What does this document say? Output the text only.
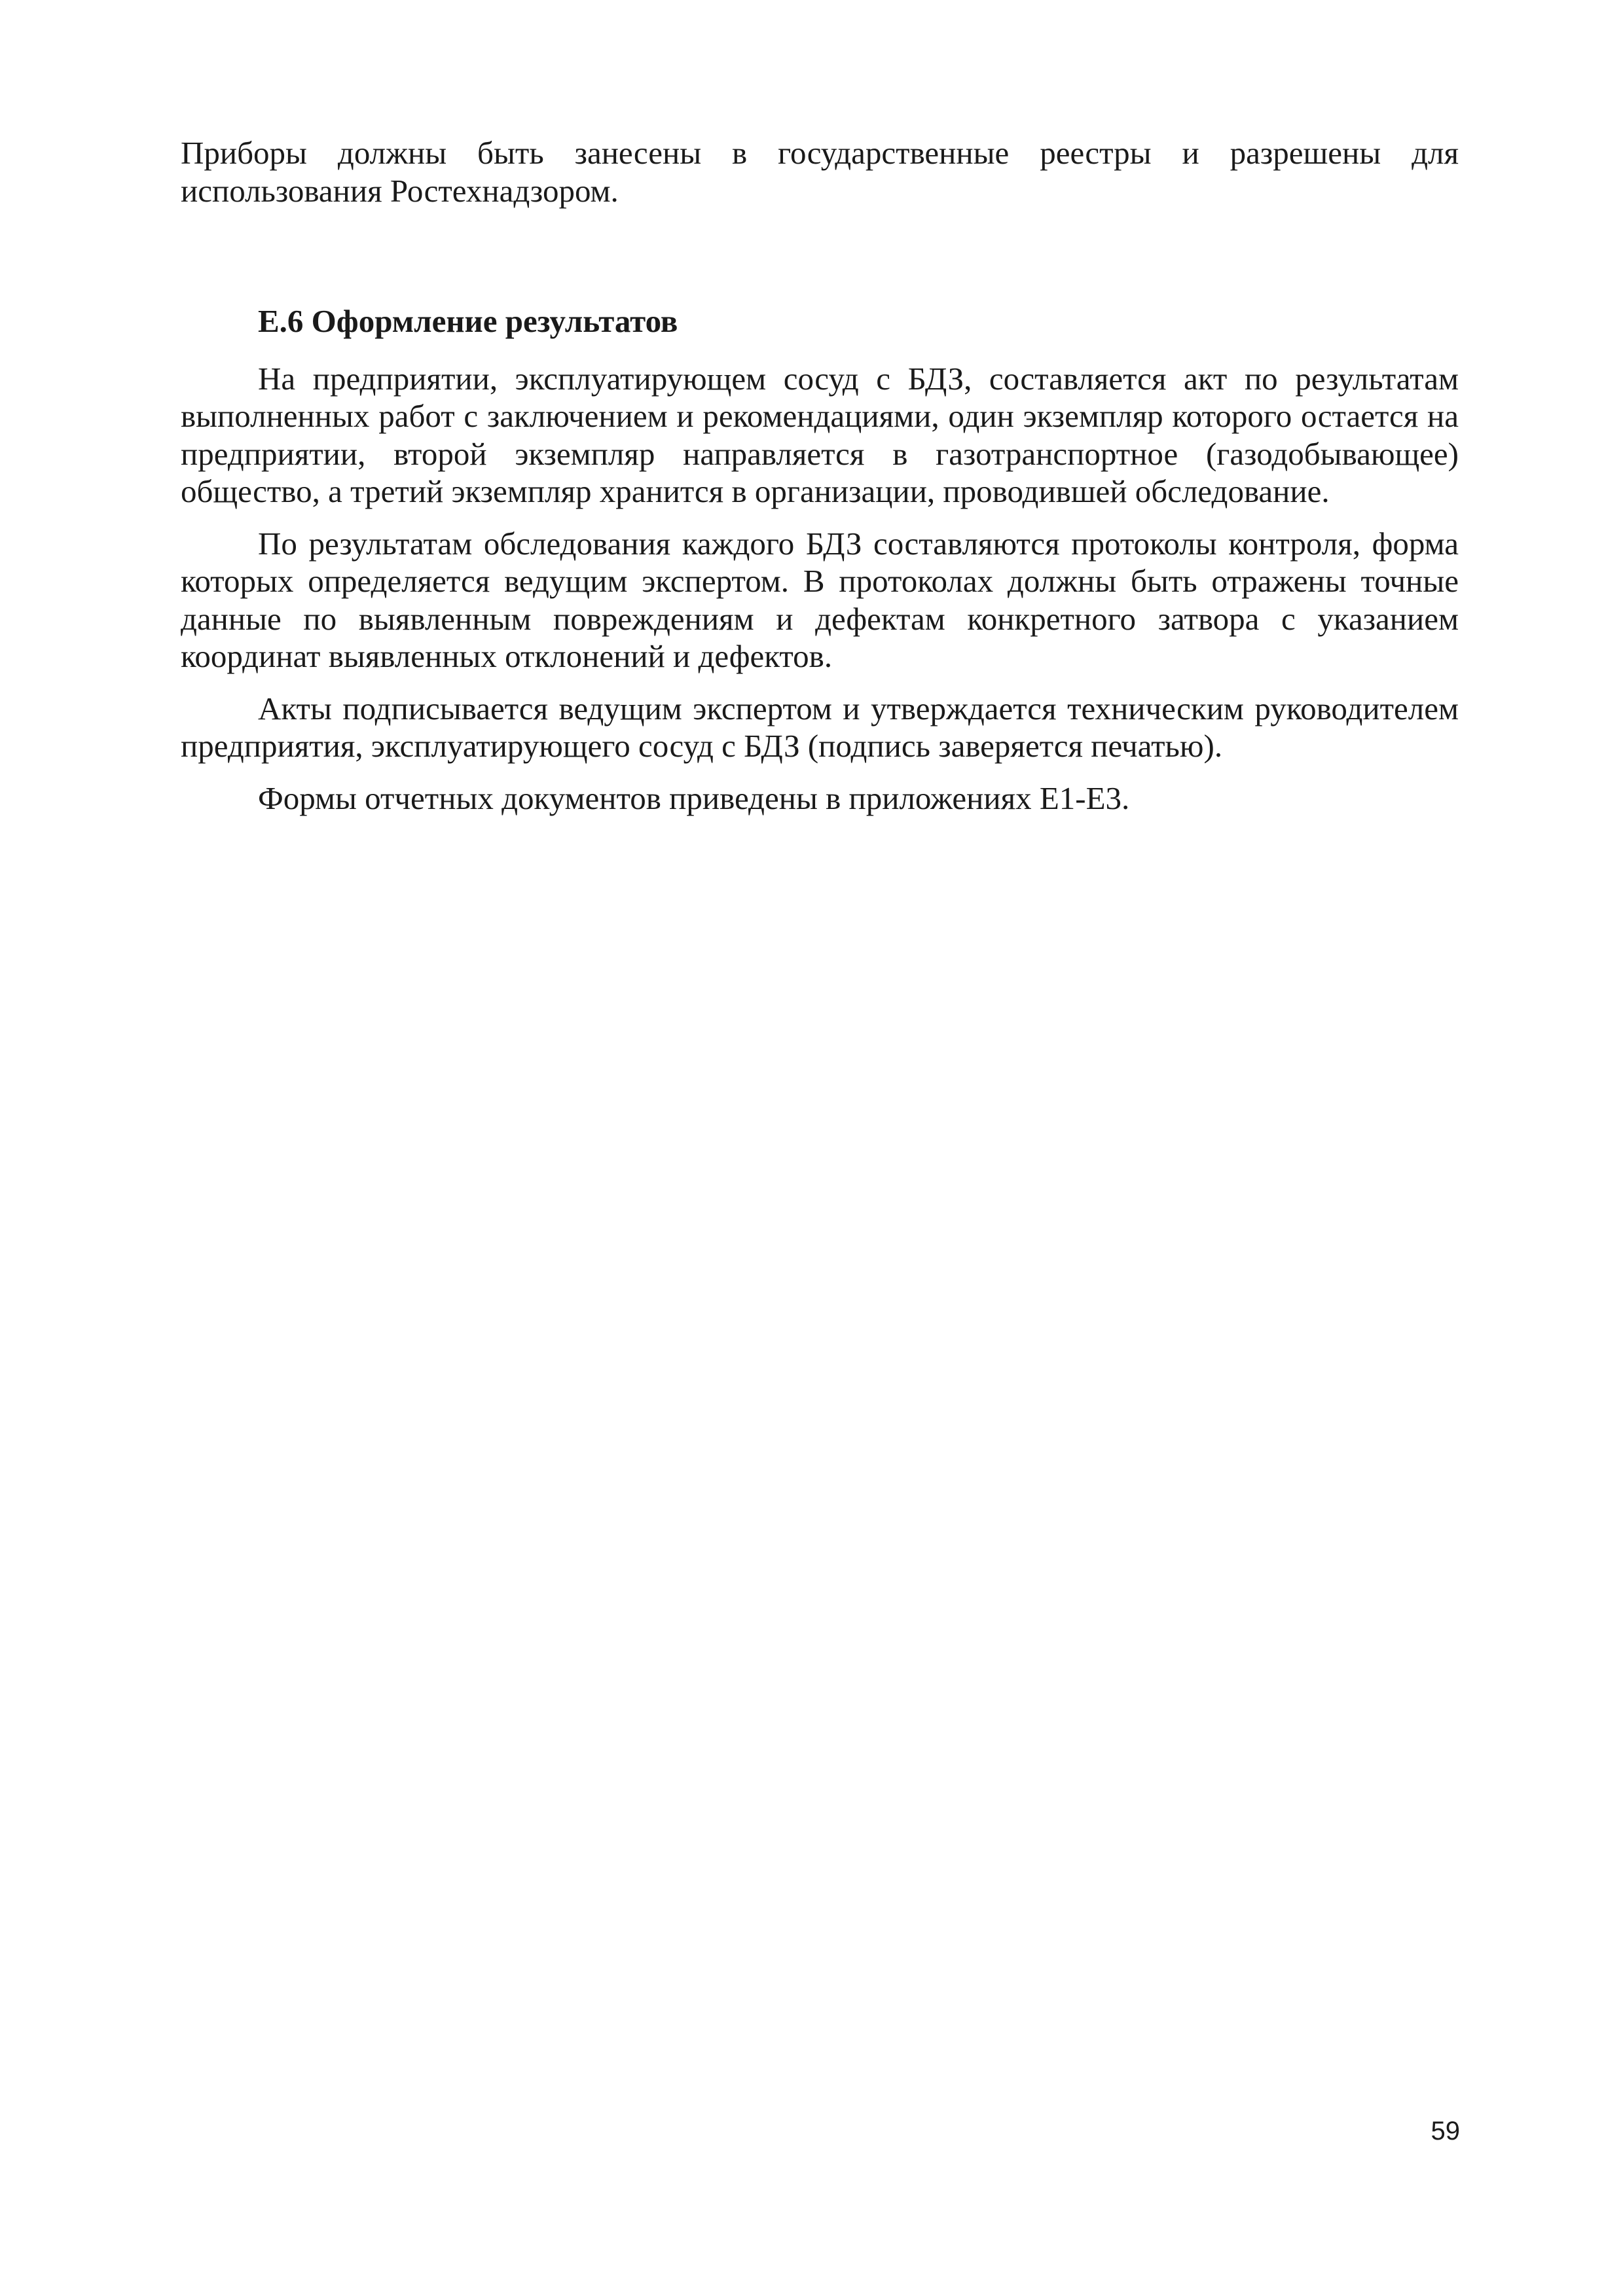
Приборы должны быть занесены в государственные реестры и разрешены для использования Ростехнадзором.

Е.6 Оформление результатов

На предприятии, эксплуатирующем сосуд с БДЗ, составляется акт по результатам выполненных работ с заключением и рекомендациями, один экземпляр которого остается на предприятии, второй экземпляр направляется в газотранспортное (газодобывающее) общество, а третий экземпляр хранится в организации, проводившей обследование.

По результатам обследования каждого БДЗ составляются протоколы контроля, форма которых определяется ведущим экспертом. В протоколах должны быть отражены точные данные по выявленным повреждениям и дефектам конкретного затвора с указанием координат выявленных отклонений и дефектов.

Акты подписывается ведущим экспертом и утверждается техническим руководителем предприятия, эксплуатирующего сосуд с БДЗ (подпись заверяется печатью).

Формы отчетных документов приведены в приложениях Е1-Е3.

59
